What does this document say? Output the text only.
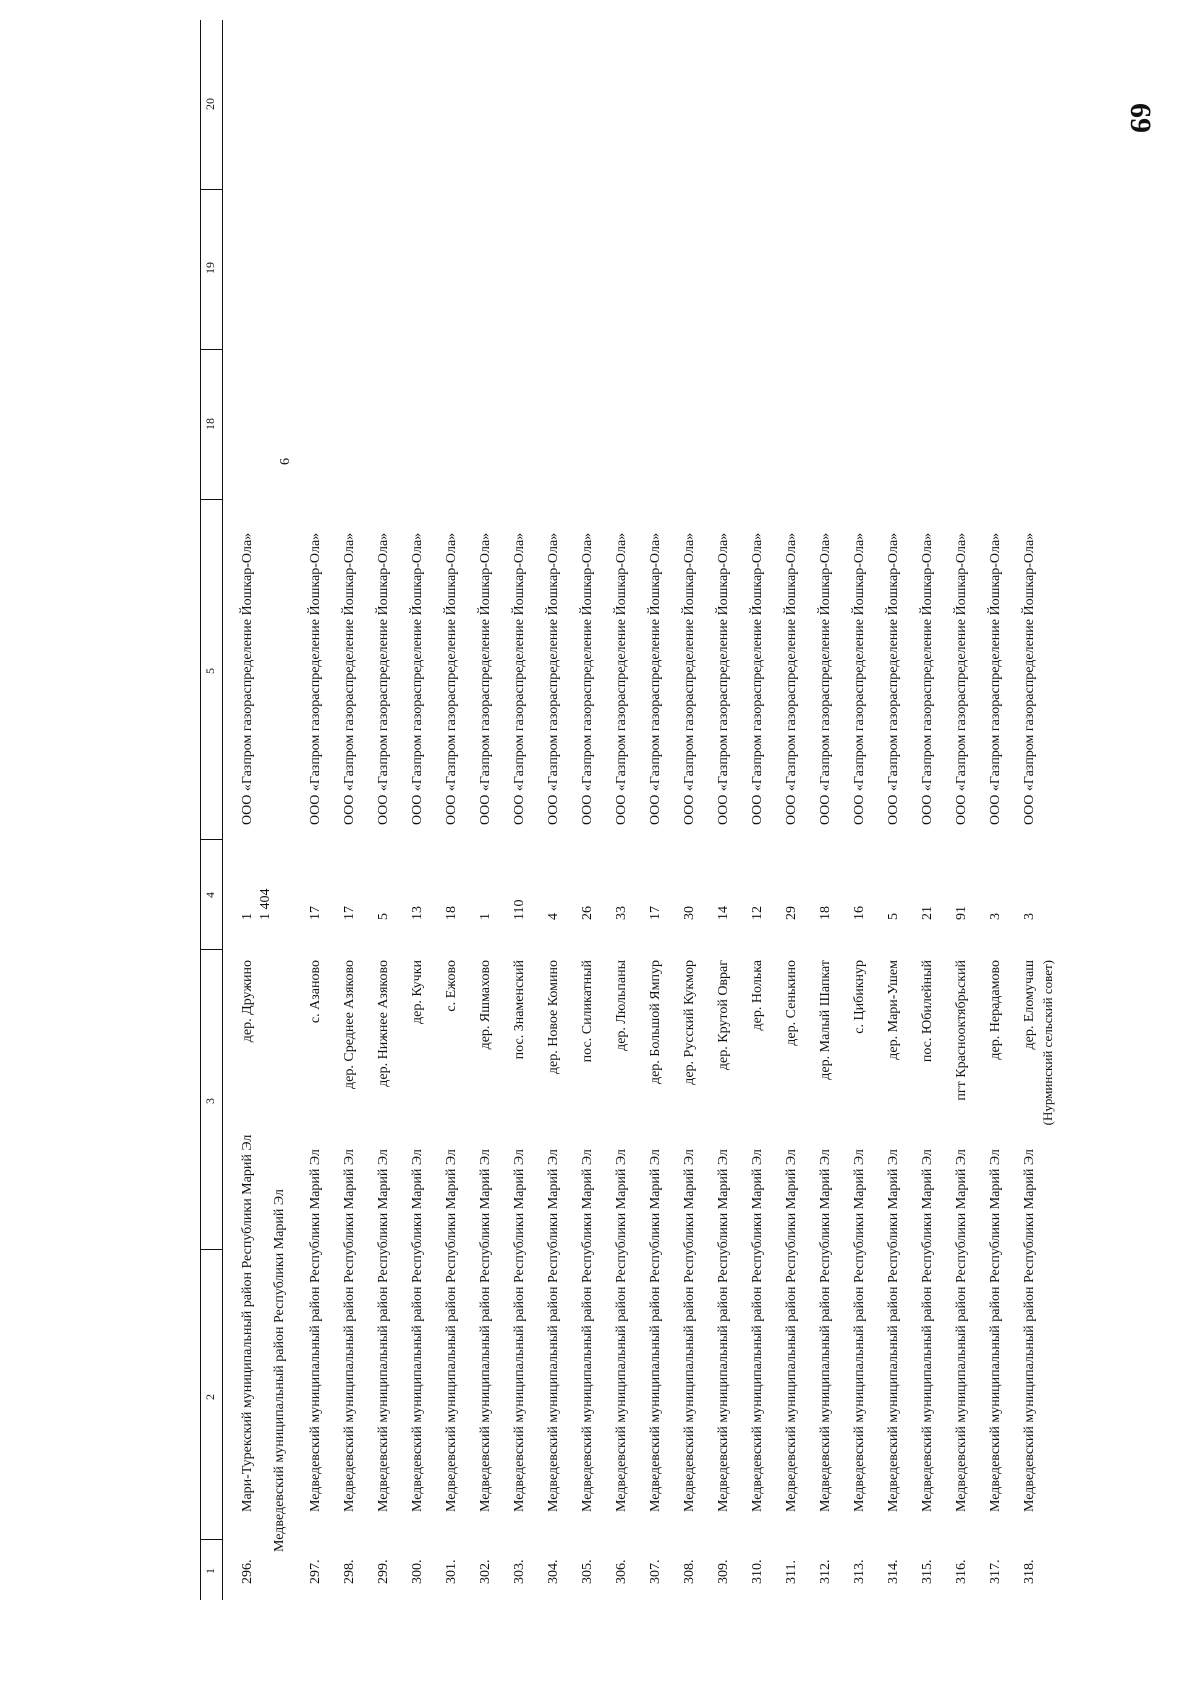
69
1
2
3
4
5
18
19
20
296.
Мари-Турекский муниципальный район Республики Марий Эл
дер. Дружино
1
ООО «Газпром газораспределение Йошкар-Ола»
Медведевский муниципальный район Республики Марий Эл
1 404
6
297.
Медведевский муниципальный район Республики Марий Эл
с. Азаново
17
ООО «Газпром газораспределение Йошкар-Ола»
298.
Медведевский муниципальный район Республики Марий Эл
дер. Среднее Азяково
17
ООО «Газпром газораспределение Йошкар-Ола»
299.
Медведевский муниципальный район Республики Марий Эл
дер. Нижнее Азяково
5
ООО «Газпром газораспределение Йошкар-Ола»
300.
Медведевский муниципальный район Республики Марий Эл
дер. Кучки
13
ООО «Газпром газораспределение Йошкар-Ола»
301.
Медведевский муниципальный район Республики Марий Эл
с. Ежово
18
ООО «Газпром газораспределение Йошкар-Ола»
302.
Медведевский муниципальный район Республики Марий Эл
дер. Яшмахово
1
ООО «Газпром газораспределение Йошкар-Ола»
303.
Медведевский муниципальный район Республики Марий Эл
пос. Знаменский
110
ООО «Газпром газораспределение Йошкар-Ола»
304.
Медведевский муниципальный район Республики Марий Эл
дер. Новое Комино
4
ООО «Газпром газораспределение Йошкар-Ола»
305.
Медведевский муниципальный район Республики Марий Эл
пос. Силикатный
26
ООО «Газпром газораспределение Йошкар-Ола»
306.
Медведевский муниципальный район Республики Марий Эл
дер. Люльпаны
33
ООО «Газпром газораспределение Йошкар-Ола»
307.
Медведевский муниципальный район Республики Марий Эл
дер. Большой Ямпур
17
ООО «Газпром газораспределение Йошкар-Ола»
308.
Медведевский муниципальный район Республики Марий Эл
дер. Русский Кукмор
30
ООО «Газпром газораспределение Йошкар-Ола»
309.
Медведевский муниципальный район Республики Марий Эл
дер. Крутой Овраг
14
ООО «Газпром газораспределение Йошкар-Ола»
310.
Медведевский муниципальный район Республики Марий Эл
дер. Нолька
12
ООО «Газпром газораспределение Йошкар-Ола»
311.
Медведевский муниципальный район Республики Марий Эл
дер. Сенькино
29
ООО «Газпром газораспределение Йошкар-Ола»
312.
Медведевский муниципальный район Республики Марий Эл
дер. Малый Шапкат
18
ООО «Газпром газораспределение Йошкар-Ола»
313.
Медведевский муниципальный район Республики Марий Эл
с. Цибикнур
16
ООО «Газпром газораспределение Йошкар-Ола»
314.
Медведевский муниципальный район Республики Марий Эл
дер. Мари-Ушем
5
ООО «Газпром газораспределение Йошкар-Ола»
315.
Медведевский муниципальный район Республики Марий Эл
пос. Юбилейный
21
ООО «Газпром газораспределение Йошкар-Ола»
316.
Медведевский муниципальный район Республики Марий Эл
пгт Краснооктябрьский
91
ООО «Газпром газораспределение Йошкар-Ола»
317.
Медведевский муниципальный район Республики Марий Эл
дер. Нерадамово
3
ООО «Газпром газораспределение Йошкар-Ола»
318.
Медведевский муниципальный район Республики Марий Эл
дер. Еломучаш (Нурминский сельский совет)
3
ООО «Газпром газораспределение Йошкар-Ола»
